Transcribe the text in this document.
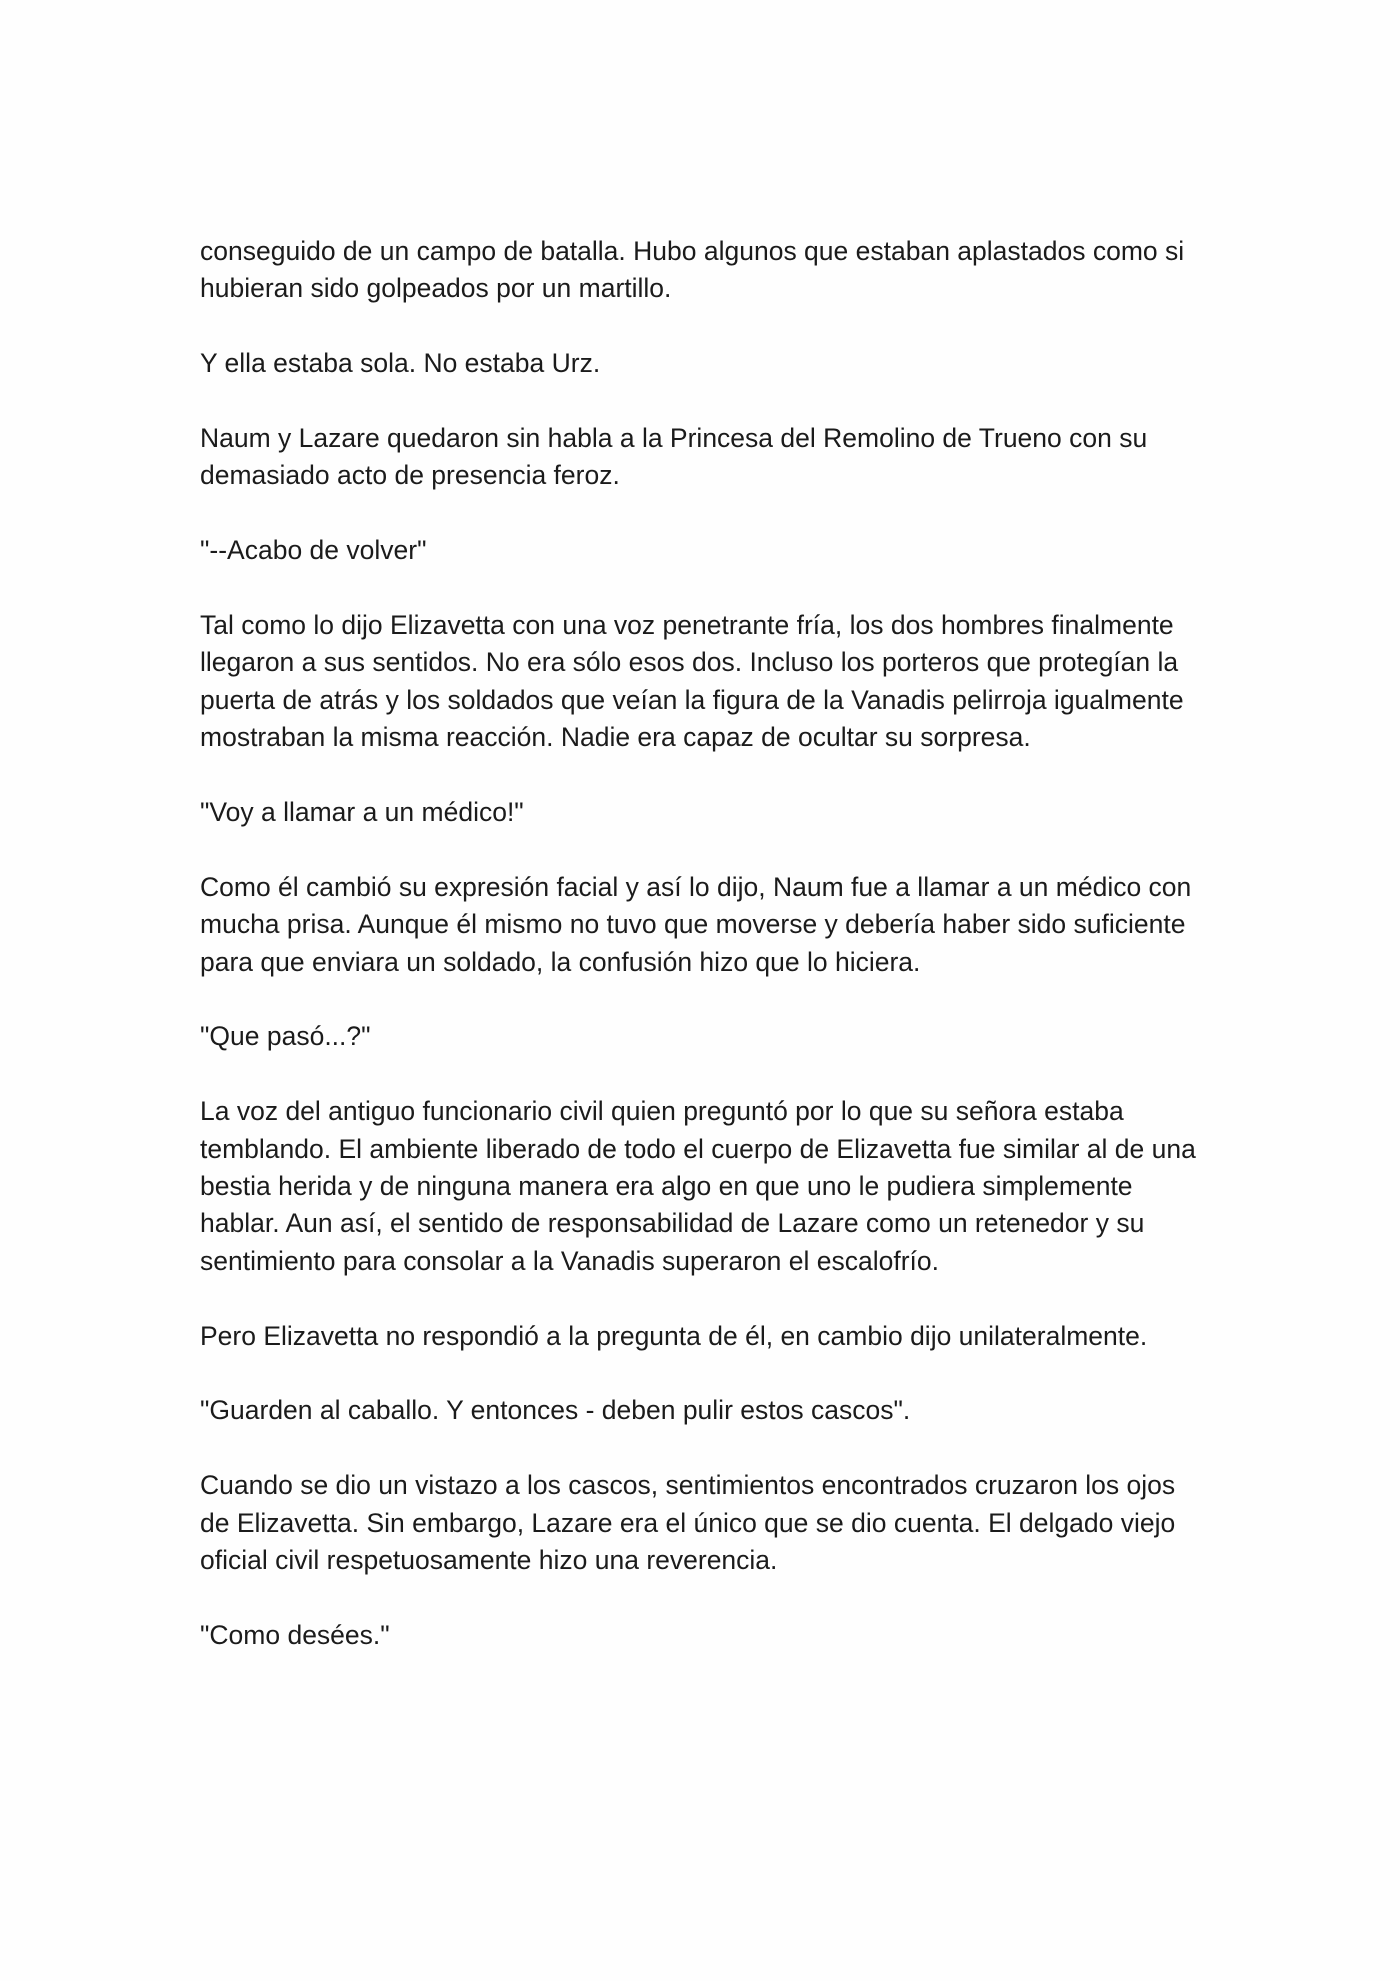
conseguido de un campo de batalla. Hubo algunos que estaban aplastados como si hubieran sido golpeados por un martillo.

Y ella estaba sola. No estaba Urz.

Naum y Lazare quedaron sin habla a la Princesa del Remolino de Trueno con su demasiado acto de presencia feroz.

"--Acabo de volver"

Tal como lo dijo Elizavetta con una voz penetrante fría, los dos hombres finalmente llegaron a sus sentidos. No era sólo esos dos. Incluso los porteros que protegían la puerta de atrás y los soldados que veían la figura de la Vanadis pelirroja igualmente mostraban la misma reacción. Nadie era capaz de ocultar su sorpresa.

"Voy a llamar a un médico!"

Como él cambió su expresión facial y así lo dijo, Naum fue a llamar a un médico con mucha prisa. Aunque él mismo no tuvo que moverse y debería haber sido suficiente para que enviara un soldado, la confusión hizo que lo hiciera.

"Que pasó...?"

La voz del antiguo funcionario civil quien preguntó por lo que su señora estaba temblando. El ambiente liberado de todo el cuerpo de Elizavetta fue similar al de una bestia herida y de ninguna manera era algo en que uno le pudiera simplemente hablar. Aun así, el sentido de responsabilidad de Lazare como un retenedor y su sentimiento para consolar a la Vanadis superaron el escalofrío.

Pero Elizavetta no respondió a la pregunta de él, en cambio dijo unilateralmente.

"Guarden al caballo. Y entonces - deben pulir estos cascos".

Cuando se dio un vistazo a los cascos, sentimientos encontrados cruzaron los ojos de Elizavetta. Sin embargo, Lazare era el único que se dio cuenta. El delgado viejo oficial civil respetuosamente hizo una reverencia.

"Como desées."
